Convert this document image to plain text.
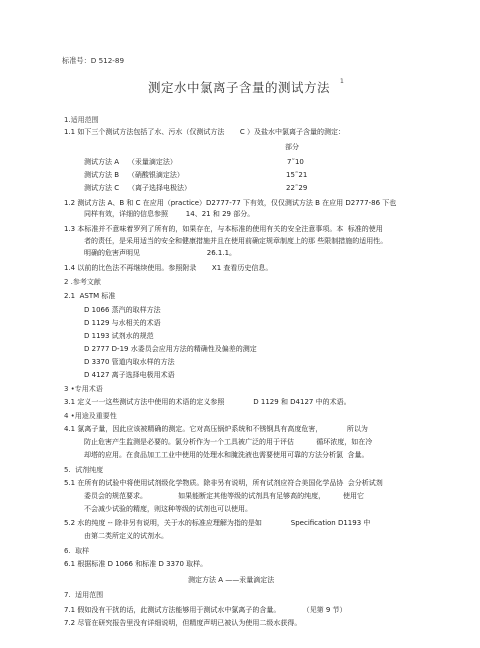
标准号：D 512-89
测定水中氯离子含量的测试方法 1
1.适用范围
1.1 如下三个测试方法包括了水、污水（仅测试方法       C ）及盐水中氯离子含量的测定：
部分
测试方法 A    （汞量滴定法）	7˜10
测试方法 B    （硝酸银滴定法）	15˜21
测试方法 C    （离子选择电极法）	22˜29
1.2 测试方法 A、B 和 C 在应用（practice）D2777-77 下有效，仅仅测试方法 B 在应用 D2777-86 下也
同样有效，详细的信息参照        14、21 和 29 部分。
1.3 本标准并不意味着罗列了所有的，如果存在，与本标准的使用有关的安全注意事项。本  标准的使用
者的责任，是采用适当的安全和健康措施并且在使用前确定规章制度上的那 些限制措施的适用性。
明确的危害声明见                              26.1.1。
1.4 以前的比色法不再继续使用。参照附录       X1 查看历史信息。
2 .参考文献
2.1  ASTM 标准
D 1066 蒸汽的取样方法
D 1129 与水相关的术语
D 1193 试剂水的规范
D 2777 D-19 水委员会应用方法的精确性及偏差的测定
D 3370 管道内取水样的方法
D 4127 离子选择电极用术语
3 •专用术语
3.1 定义一一这些测试方法中使用的术语的定义参照             D 1129 和 D4127 中的术语。
4 •用途及重要性
4.1 氯离子量，因此应该被精确的测定。它对高压锅炉系统和不锈钢具有高度危害，           所以为
防止危害产生监测是必要的。氯分析作为一个工具被广泛的用于评估          循环浓度，如在冷
却塔的应用。在食品加工工业中使用的处理水和腌洗液也需要使用可靠的方法分析氯  含量。
5.  试剂纯度
5.1 在所有的试验中将使用试剂级化学物质。除非另有说明，所有试剂应符合美国化学品协  会分析试剂
委员会的规范要求。              如果能断定其他等级的试剂具有足够高的纯度，        使用它
不会减少试验的精度，则这种等级的试剂也可以使用。
5.2 水的纯度 -- 除非另有说明，关于水的标准应理解为指的是如             Specification D1193 中
由第二类所定义的试剂水。
6.  取样
6.1 根据标准 D 1066 和标准 D 3370 取样。
测定方法 A ——汞量滴定法
7.  适用范围
7.1 假如没有干扰的话，此测试方法能够用于测试水中氯离子的含量。          （见第 9 节）
7.2 尽管在研究报告里没有详细说明，但精度声明已被认为使用二级水获得。
